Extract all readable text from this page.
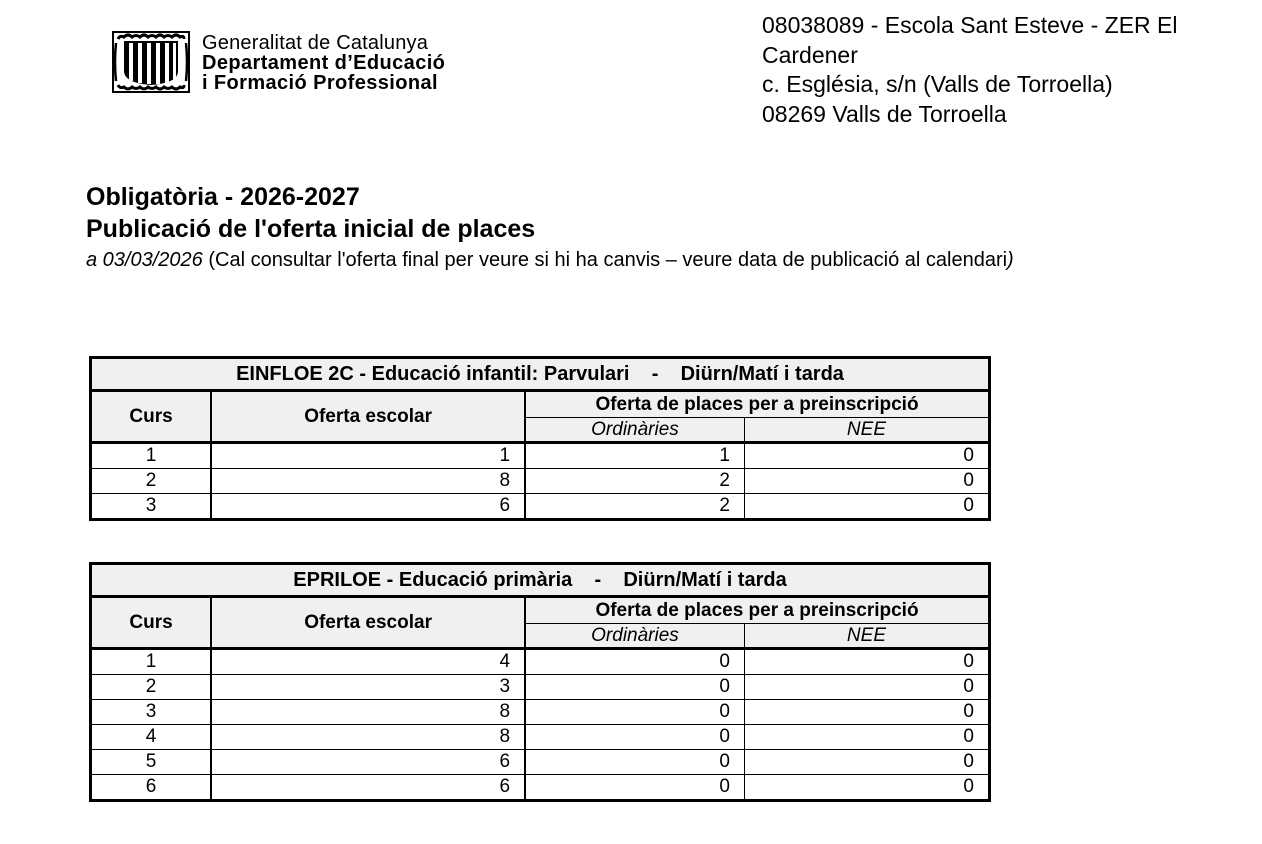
Generalitat de Catalunya
Departament d’Educació
i Formació Professional
08038089 - Escola Sant Esteve - ZER El
Cardener
c. Església, s/n (Valls de Torroella)
08269 Valls de Torroella
Obligatòria - 2026-2027
Publicació de l'oferta inicial de places
a 03/03/2026 (Cal consultar l'oferta final per veure si hi ha canvis – veure data de publicació al calendari)
EINFLOE 2C - Educació infantil: Parvulari    -    Diürn/Matí i tarda			
Curs	Oferta escolar	Oferta de places per a preinscripció	
		Ordinàries	NEE
1	1	1	0
2	8	2	0
3	6	2	0
EPRILOE - Educació primària    -    Diürn/Matí i tarda			
Curs	Oferta escolar	Oferta de places per a preinscripció	
		Ordinàries	NEE
1	4	0	0
2	3	0	0
3	8	0	0
4	8	0	0
5	6	0	0
6	6	0	0
